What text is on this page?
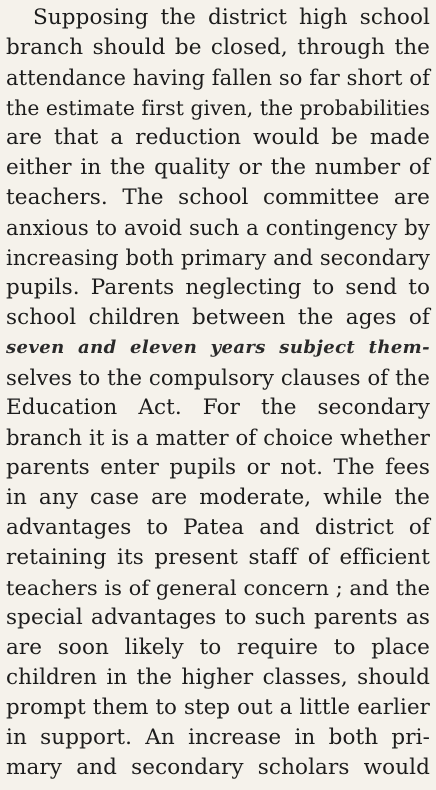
Supposing the district high school
branch should be closed, through the
attendance having fallen so far short of
the estimate first given, the probabilities
are that a reduction would be made
either in the quality or the number of
teachers. The school committee are
anxious to avoid such a contingency by
increasing both primary and secondary
pupils. Parents neglecting to send to
school children between the ages of
seven and eleven years subject them-
selves to the compulsory clauses of the
Education Act. For the secondary
branch it is a matter of choice whether
parents enter pupils or not. The fees
in any case are moderate, while the
advantages to Patea and district of
retaining its present staff of efficient
teachers is of general concern ; and the
special advantages to such parents as
are soon likely to require to place
children in the higher classes, should
prompt them to step out a little earlier
in support. An increase in both pri-
mary and secondary scholars would
